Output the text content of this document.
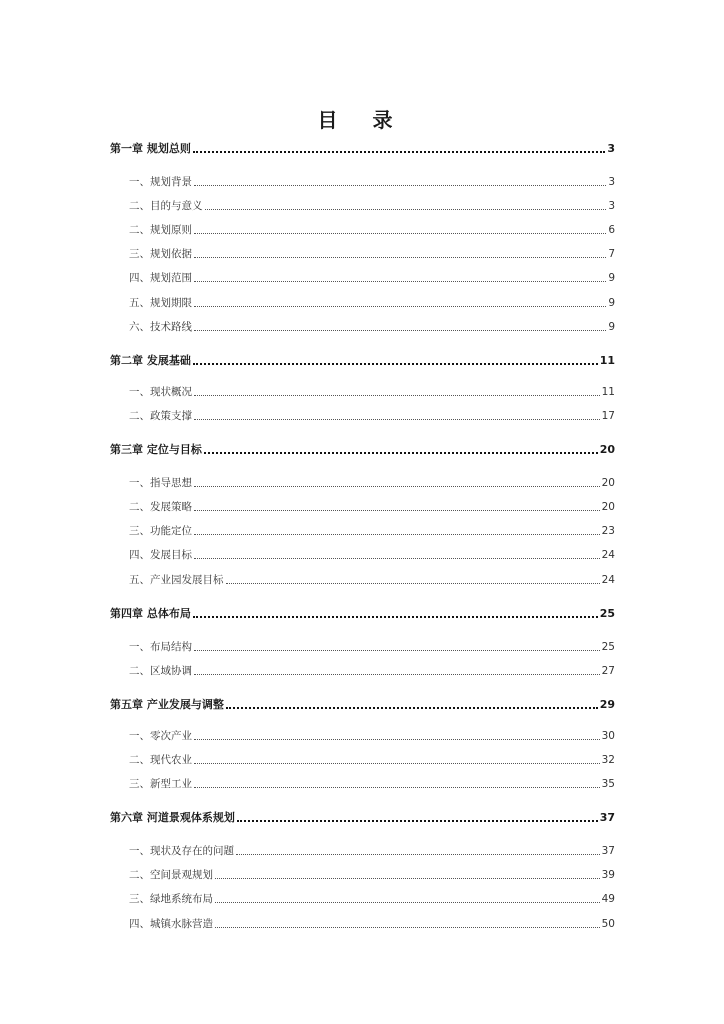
目 录
第一章 规划总则	3
一、规划背景	3
二、目的与意义	3
二、规划原则	6
三、规划依据	7
四、规划范围	9
五、规划期限	9
六、技术路线	9
第二章 发展基础	11
一、现状概况	11
二、政策支撑	17
第三章 定位与目标	20
一、指导思想	20
二、发展策略	20
三、功能定位	23
四、发展目标	24
五、产业园发展目标	24
第四章 总体布局	25
一、布局结构	25
二、区域协调	27
第五章 产业发展与调整	29
一、零次产业	30
二、现代农业	32
三、新型工业	35
第六章 河道景观体系规划	37
一、现状及存在的问题	37
二、空间景观规划	39
三、绿地系统布局	49
四、城镇水脉营造	50
